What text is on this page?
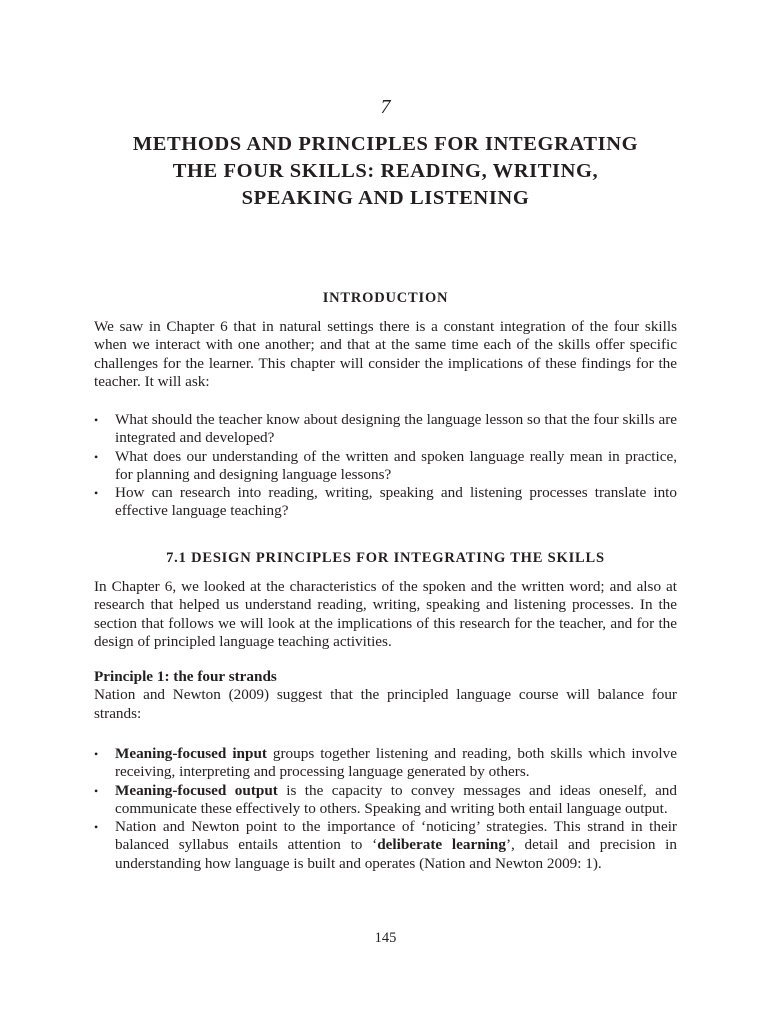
7
METHODS AND PRINCIPLES FOR INTEGRATING
THE FOUR SKILLS: READING, WRITING,
SPEAKING AND LISTENING
INTRODUCTION

We saw in Chapter 6 that in natural settings there is a constant integration of the four skills when we interact with one another; and that at the same time each of the skills offer specific challenges for the learner. This chapter will consider the implications of these findings for the teacher. It will ask:

• What should the teacher know about designing the language lesson so that the four skills are integrated and developed?
• What does our understanding of the written and spoken language really mean in practice, for planning and designing language lessons?
• How can research into reading, writing, speaking and listening processes translate into effective language teaching?
7.1 DESIGN PRINCIPLES FOR INTEGRATING THE SKILLS

In Chapter 6, we looked at the characteristics of the spoken and the written word; and also at research that helped us understand reading, writing, speaking and listening processes. In the section that follows we will look at the implications of this research for the teacher, and for the design of principled language teaching activities.

Principle 1: the four strands
Nation and Newton (2009) suggest that the principled language course will balance four strands:

• Meaning-focused input groups together listening and reading, both skills which involve receiving, interpreting and processing language generated by others.
• Meaning-focused output is the capacity to convey messages and ideas oneself, and communicate these effectively to others. Speaking and writing both entail language output.
• Nation and Newton point to the importance of ‘noticing’ strategies. This strand in their balanced syllabus entails attention to ‘deliberate learning’, detail and precision in understanding how language is built and operates (Nation and Newton 2009: 1).
145
